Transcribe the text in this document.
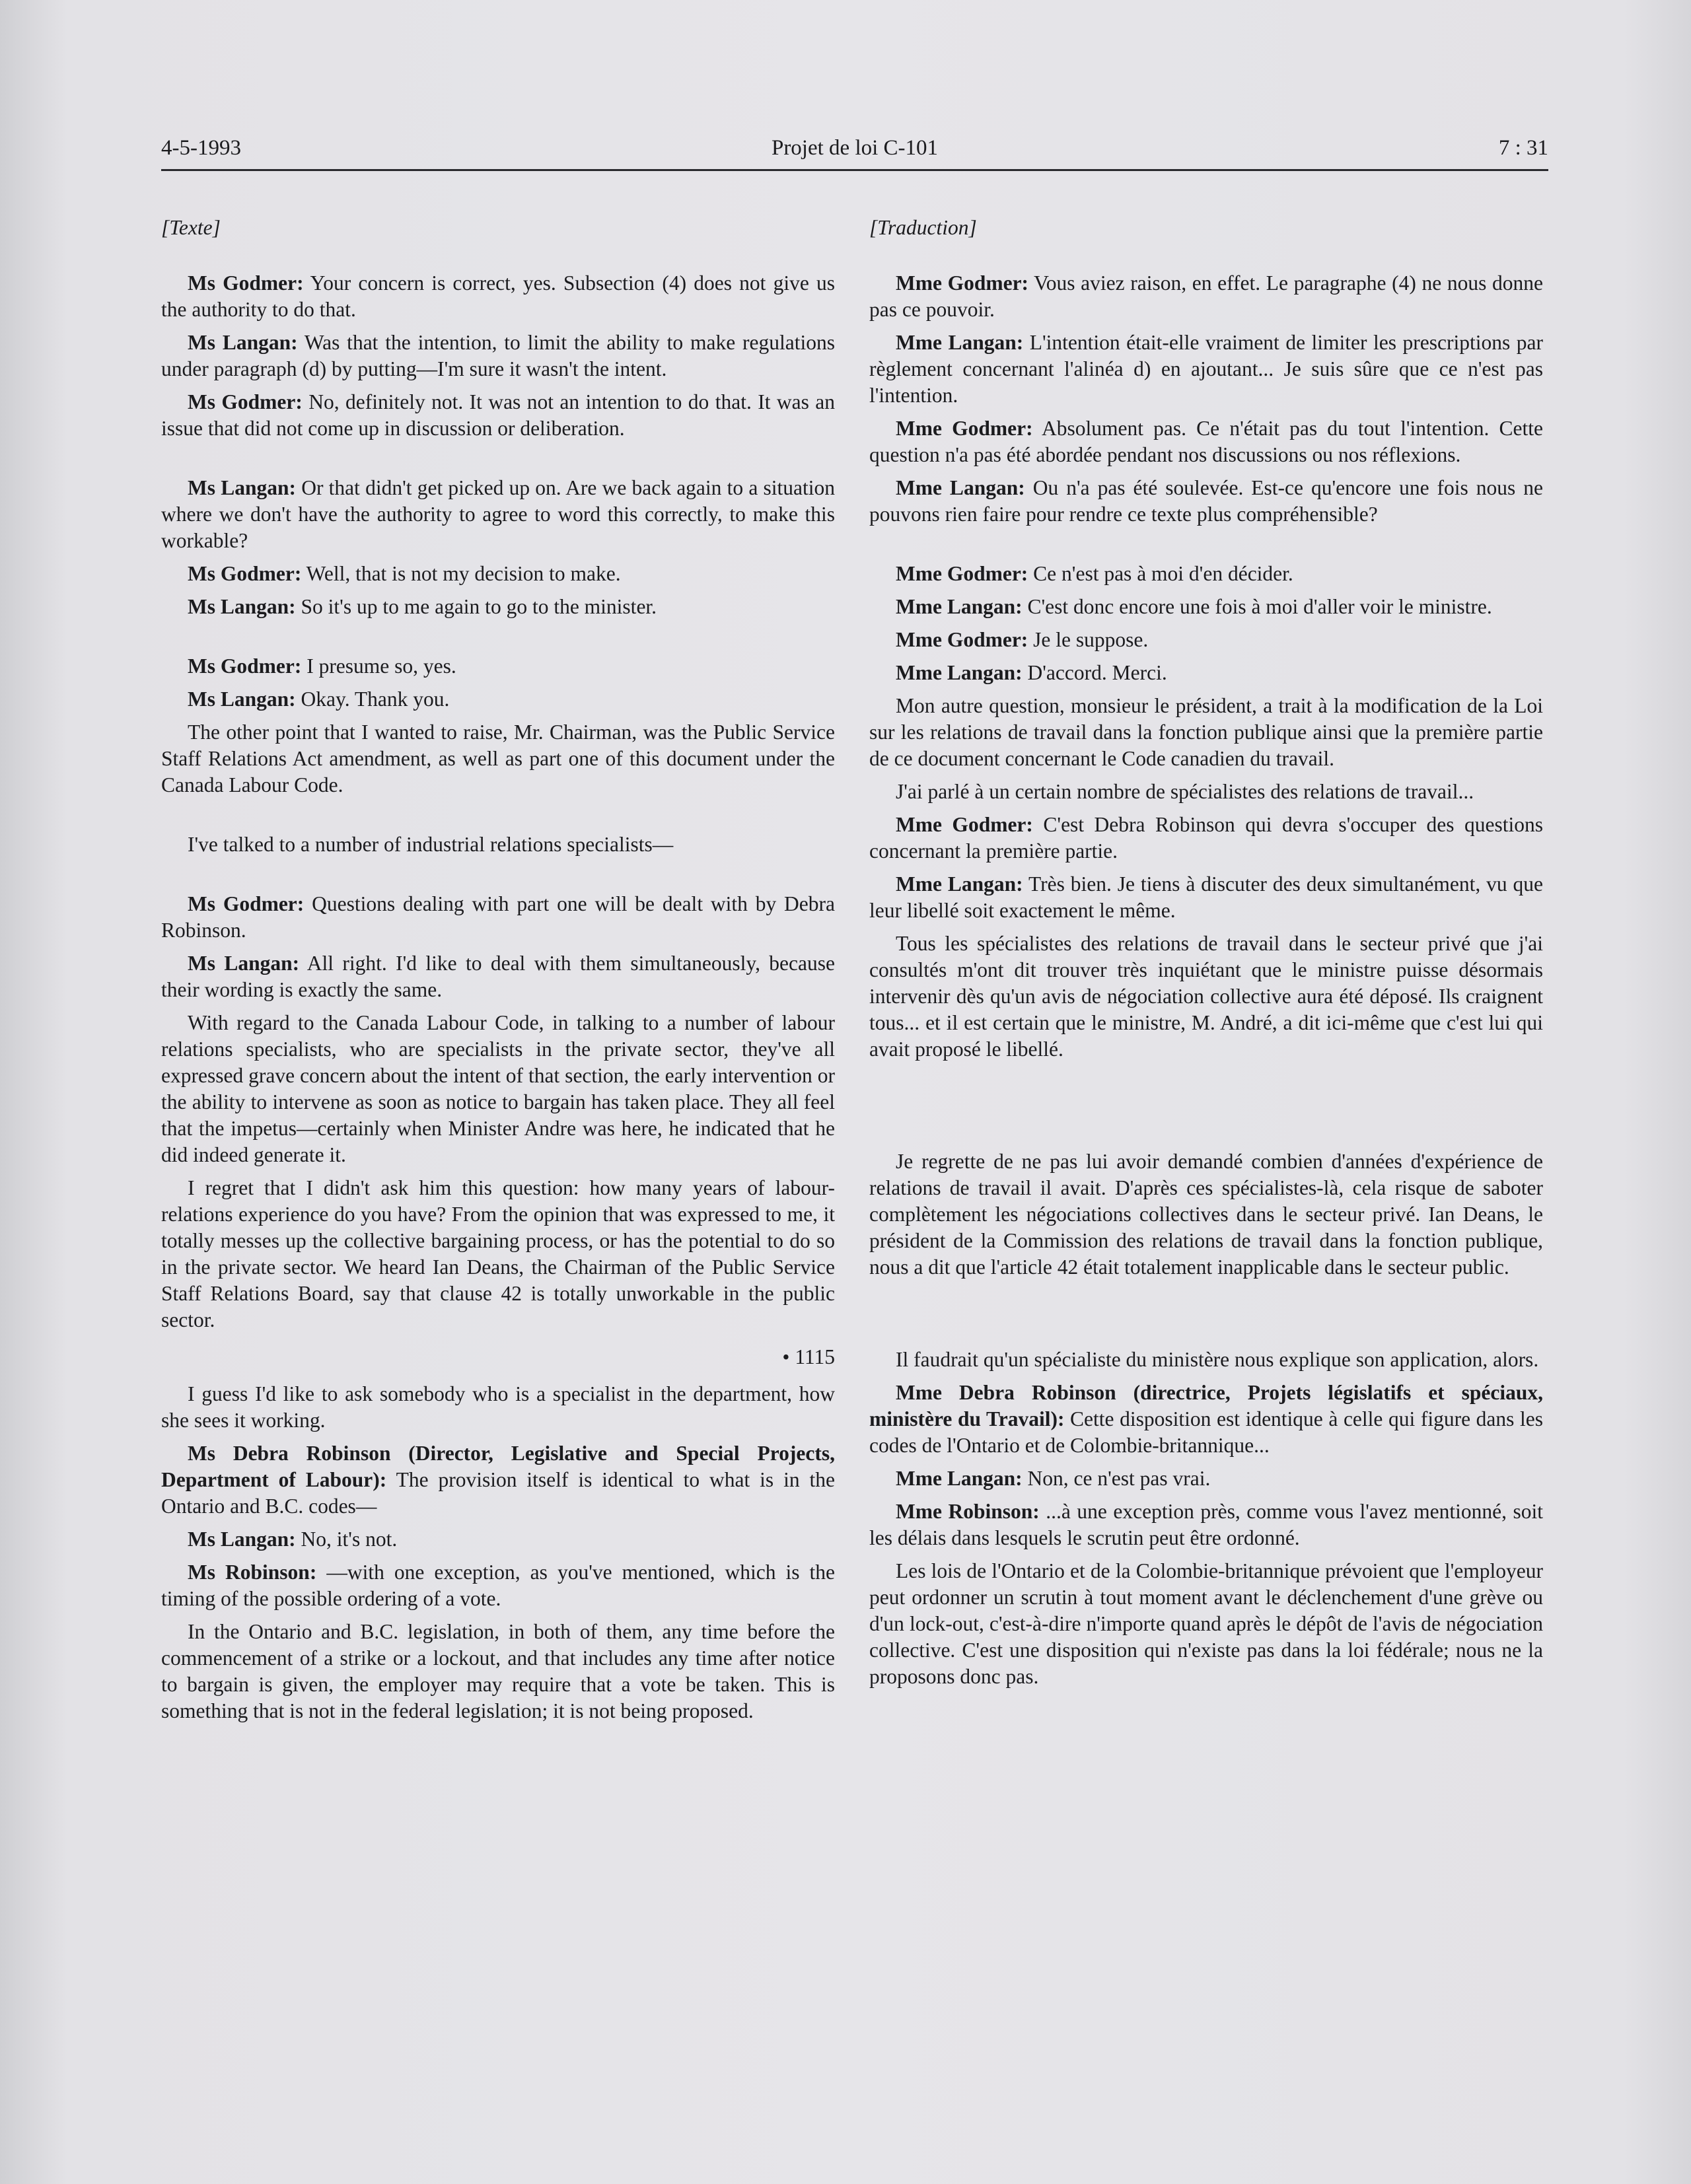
4-5-1993	Projet de loi C-101	7 : 31

[Texte]

Ms Godmer: Your concern is correct, yes. Subsection (4) does not give us the authority to do that.

Ms Langan: Was that the intention, to limit the ability to make regulations under paragraph (d) by putting—I'm sure it wasn't the intent.

Ms Godmer: No, definitely not. It was not an intention to do that. It was an issue that did not come up in discussion or deliberation.

Ms Langan: Or that didn't get picked up on. Are we back again to a situation where we don't have the authority to agree to word this correctly, to make this workable?

Ms Godmer: Well, that is not my decision to make.

Ms Langan: So it's up to me again to go to the minister.

Ms Godmer: I presume so, yes.

Ms Langan: Okay. Thank you.

The other point that I wanted to raise, Mr. Chairman, was the Public Service Staff Relations Act amendment, as well as part one of this document under the Canada Labour Code.

I've talked to a number of industrial relations specialists—

Ms Godmer: Questions dealing with part one will be dealt with by Debra Robinson.

Ms Langan: All right. I'd like to deal with them simultaneously, because their wording is exactly the same.

With regard to the Canada Labour Code, in talking to a number of labour relations specialists, who are specialists in the private sector, they've all expressed grave concern about the intent of that section, the early intervention or the ability to intervene as soon as notice to bargain has taken place. They all feel that the impetus—certainly when Minister Andre was here, he indicated that he did indeed generate it.

I regret that I didn't ask him this question: how many years of labour-relations experience do you have? From the opinion that was expressed to me, it totally messes up the collective bargaining process, or has the potential to do so in the private sector. We heard Ian Deans, the Chairman of the Public Service Staff Relations Board, say that clause 42 is totally unworkable in the public sector.

• 1115

I guess I'd like to ask somebody who is a specialist in the department, how she sees it working.

Ms Debra Robinson (Director, Legislative and Special Projects, Department of Labour): The provision itself is identical to what is in the Ontario and B.C. codes—

Ms Langan: No, it's not.

Ms Robinson: —with one exception, as you've mentioned, which is the timing of the possible ordering of a vote.

In the Ontario and B.C. legislation, in both of them, any time before the commencement of a strike or a lockout, and that includes any time after notice to bargain is given, the employer may require that a vote be taken. This is something that is not in the federal legislation; it is not being proposed.

[Traduction]

Mme Godmer: Vous aviez raison, en effet. Le paragraphe (4) ne nous donne pas ce pouvoir.

Mme Langan: L'intention était-elle vraiment de limiter les prescriptions par règlement concernant l'alinéa d) en ajoutant... Je suis sûre que ce n'est pas l'intention.

Mme Godmer: Absolument pas. Ce n'était pas du tout l'intention. Cette question n'a pas été abordée pendant nos discussions ou nos réflexions.

Mme Langan: Ou n'a pas été soulevée. Est-ce qu'encore une fois nous ne pouvons rien faire pour rendre ce texte plus compréhensible?

Mme Godmer: Ce n'est pas à moi d'en décider.

Mme Langan: C'est donc encore une fois à moi d'aller voir le ministre.

Mme Godmer: Je le suppose.

Mme Langan: D'accord. Merci.

Mon autre question, monsieur le président, a trait à la modification de la Loi sur les relations de travail dans la fonction publique ainsi que la première partie de ce document concernant le Code canadien du travail.

J'ai parlé à un certain nombre de spécialistes des relations de travail...

Mme Godmer: C'est Debra Robinson qui devra s'occuper des questions concernant la première partie.

Mme Langan: Très bien. Je tiens à discuter des deux simultanément, vu que leur libellé soit exactement le même.

Tous les spécialistes des relations de travail dans le secteur privé que j'ai consultés m'ont dit trouver très inquiétant que le ministre puisse désormais intervenir dès qu'un avis de négociation collective aura été déposé. Ils craignent tous... et il est certain que le ministre, M. André, a dit ici-même que c'est lui qui avait proposé le libellé.

Je regrette de ne pas lui avoir demandé combien d'années d'expérience de relations de travail il avait. D'après ces spécialistes-là, cela risque de saboter complètement les négociations collectives dans le secteur privé. Ian Deans, le président de la Commission des relations de travail dans la fonction publique, nous a dit que l'article 42 était totalement inapplicable dans le secteur public.

Il faudrait qu'un spécialiste du ministère nous explique son application, alors.

Mme Debra Robinson (directrice, Projets législatifs et spéciaux, ministère du Travail): Cette disposition est identique à celle qui figure dans les codes de l'Ontario et de Colombie-britannique...

Mme Langan: Non, ce n'est pas vrai.

Mme Robinson: ...à une exception près, comme vous l'avez mentionné, soit les délais dans lesquels le scrutin peut être ordonné.

Les lois de l'Ontario et de la Colombie-britannique prévoient que l'employeur peut ordonner un scrutin à tout moment avant le déclenchement d'une grève ou d'un lock-out, c'est-à-dire n'importe quand après le dépôt de l'avis de négociation collective. C'est une disposition qui n'existe pas dans la loi fédérale; nous ne la proposons donc pas.
